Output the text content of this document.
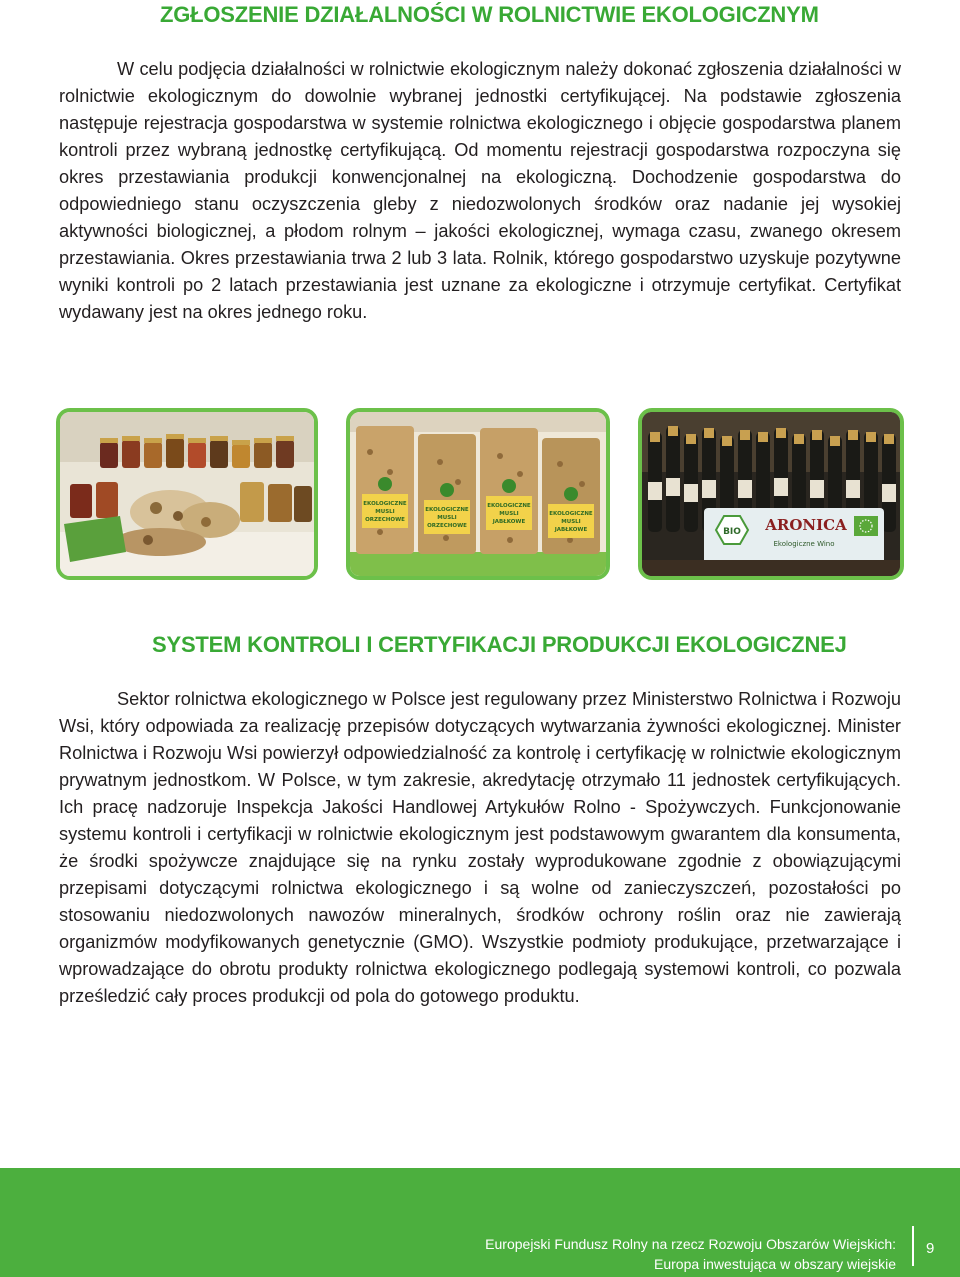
ZGŁOSZENIE DZIAŁALNOŚCI W ROLNICTWIE EKOLOGICZNYM

W celu podjęcia działalności w rolnictwie ekologicznym należy dokonać zgłoszenia działalności w rolnictwie ekologicznym do dowolnie wybranej jednostki certyfikującej. Na podstawie zgłoszenia następuje rejestracja gospodarstwa w systemie rolnictwa ekologicznego i objęcie gospodarstwa planem kontroli przez wybraną jednostkę certyfikującą. Od momentu rejestracji gospodarstwa rozpoczyna się okres przestawiania produkcji konwencjonalnej na ekologiczną. Dochodzenie gospodarstwa do odpowiedniego stanu oczyszczenia gleby z niedozwolonych środków oraz nadanie jej wysokiej aktywności biologicznej, a płodom rolnym – jakości ekologicznej, wymaga czasu, zwanego okresem przestawiania. Okres przestawiania trwa 2 lub 3 lata. Rolnik, którego gospodarstwo uzyskuje pozytywne wyniki kontroli po 2 latach przestawiania jest uznane za ekologiczne i otrzymuje certyfikat. Certyfikat wydawany jest na okres jednego roku.

EKOLOGICZNE
MUSLI
ORZECHOWE
EKOLOGICZNE
MUSLI
ORZECHOWE
EKOLOGICZNE
MUSLI
JABŁKOWE
EKOLOGICZNE
MUSLI
JABŁKOWE	BIO ARONICA
Ekologiczne Wino
SYSTEM KONTROLI I CERTYFIKACJI PRODUKCJI EKOLOGICZNEJ

Sektor rolnictwa ekologicznego w Polsce jest regulowany przez Ministerstwo Rolnictwa i Rozwoju Wsi, który odpowiada za realizację przepisów dotyczących wytwarzania żywności ekologicznej. Minister Rolnictwa i Rozwoju Wsi powierzył odpowiedzialność za kontrolę i certyfikację w rolnictwie ekologicznym prywatnym jednostkom. W Polsce, w tym zakresie, akredytację otrzymało 11 jednostek certyfikujących. Ich pracę nadzoruje Inspekcja Jakości Handlowej Artykułów Rolno - Spożywczych. Funkcjonowanie systemu kontroli i certyfikacji w rolnictwie ekologicznym jest podstawowym gwarantem dla konsumenta, że środki spożywcze znajdujące się na rynku zostały wyprodukowane zgodnie z obowiązującymi przepisami dotyczącymi rolnictwa ekologicznego i są wolne od zanieczyszczeń, pozostałości po stosowaniu niedozwolonych nawozów mineralnych, środków ochrony roślin oraz nie zawierają organizmów modyfikowanych genetycznie (GMO). Wszystkie podmioty produkujące, przetwarzające i wprowadzające do obrotu produkty rolnictwa ekologicznego podlegają systemowi kontroli, co pozwala prześledzić cały proces produkcji od pola do gotowego produktu.

Europejski Fundusz Rolny na rzecz Rozwoju Obszarów Wiejskich:
Europa inwestująca w obszary wiejskie
9
